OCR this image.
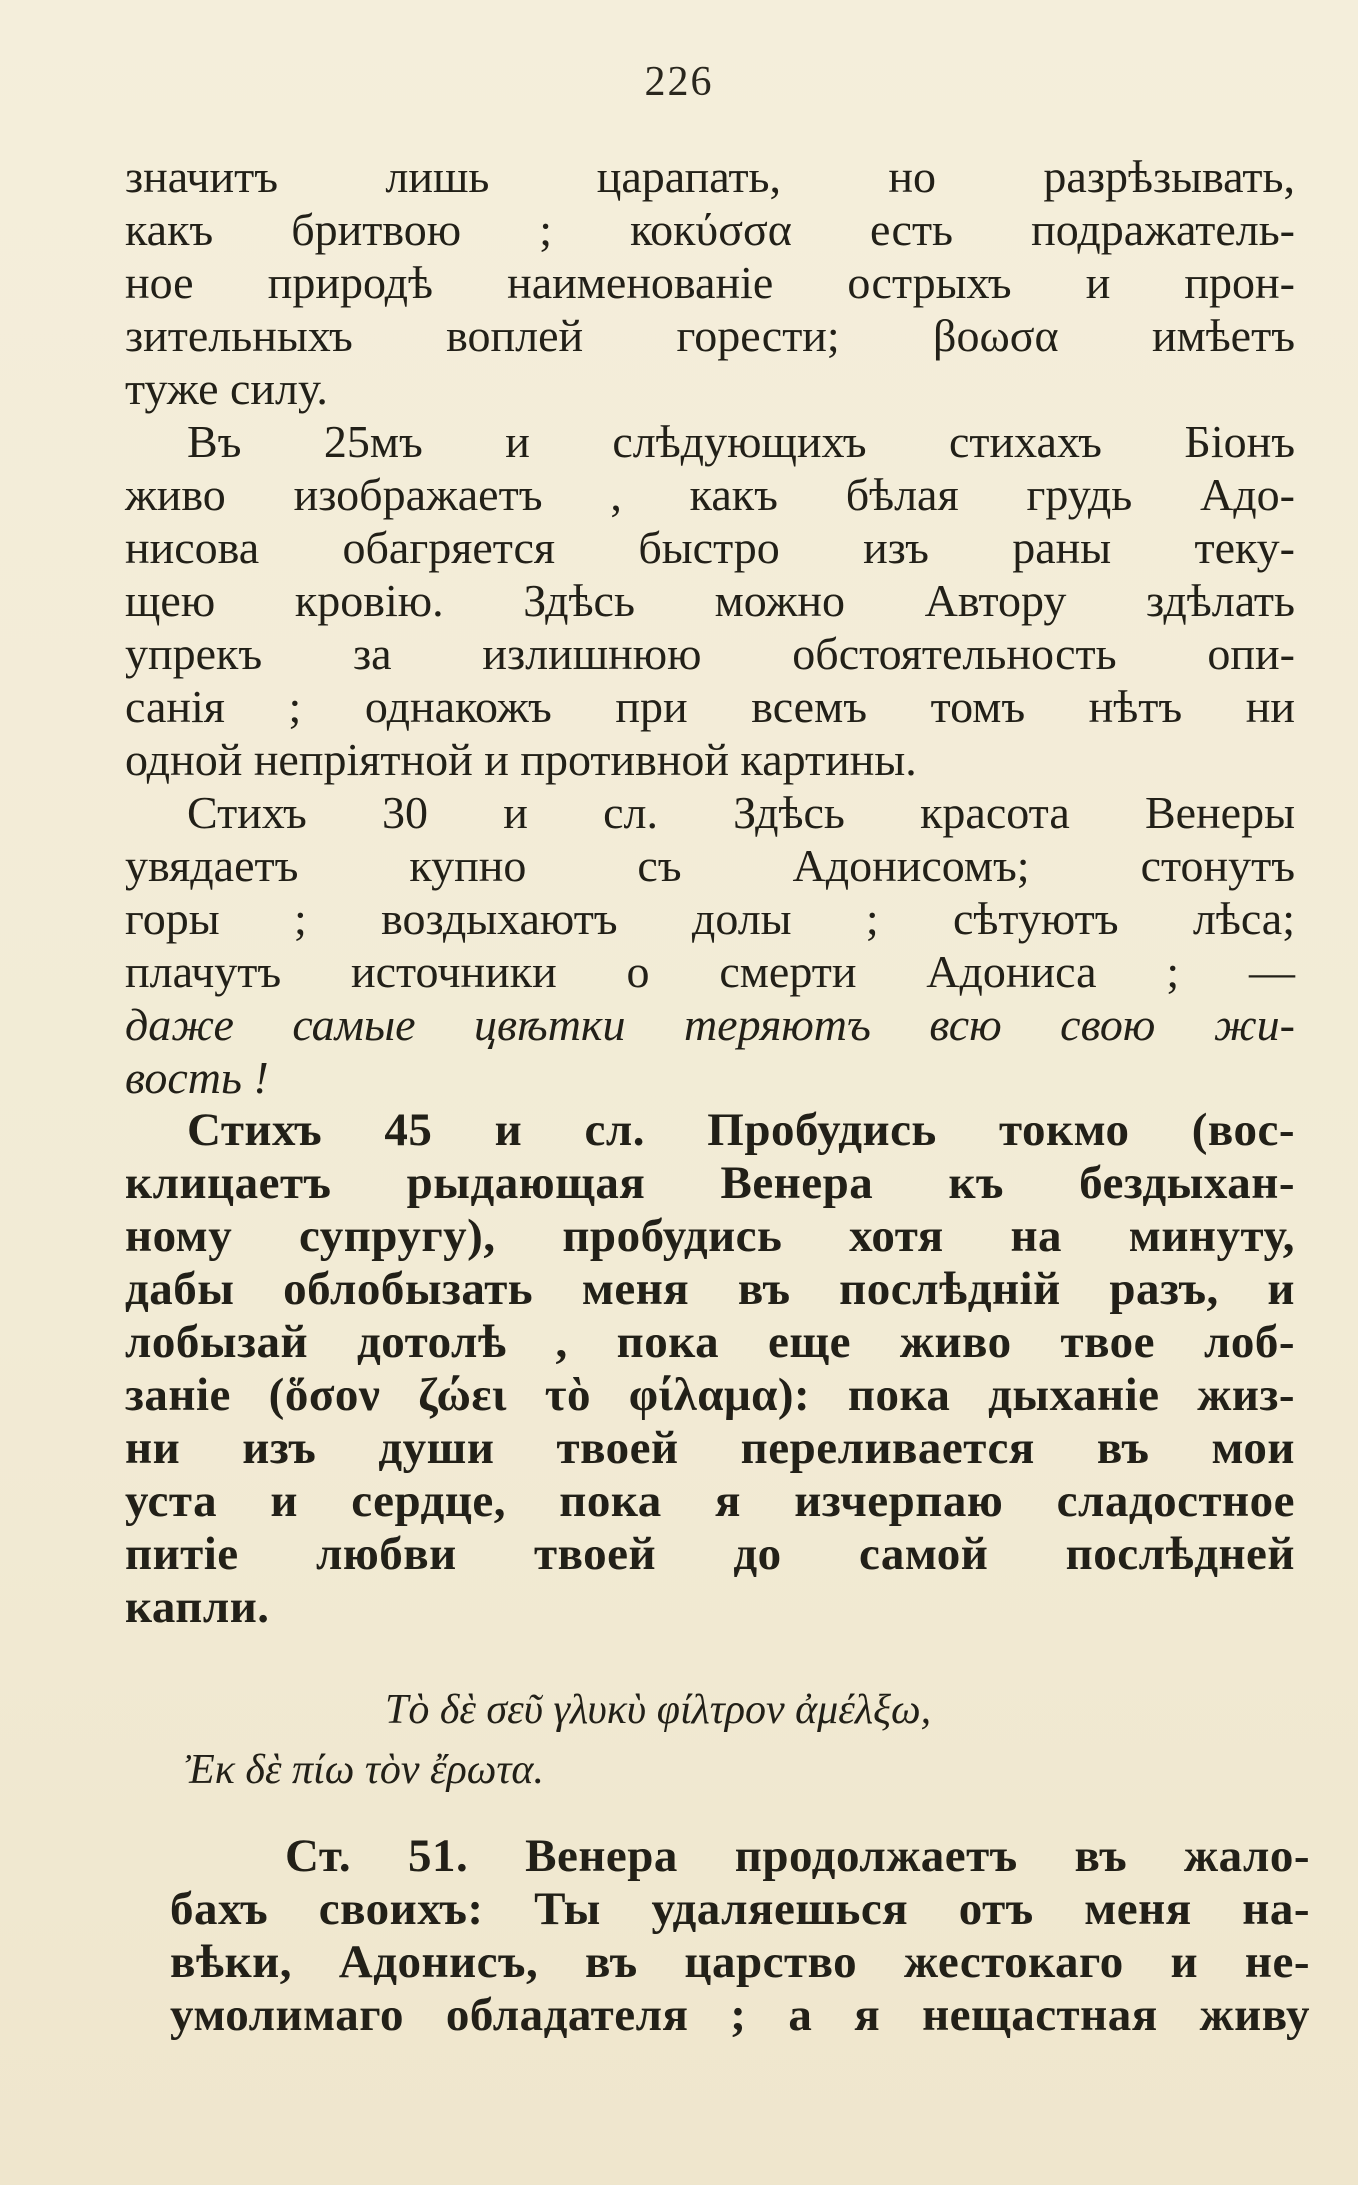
226
значитъ лишь царапать, но разрѣзывать,
какъ бритвою ; кокύσσα есть подражатель-
ное природѣ наименованіе острыхъ и прон-
зительныхъ воплей горести; βοωσα имѣетъ
туже силу.
Въ 25мъ и слѣдующихъ стихахъ Біонъ
живо изображаетъ , какъ бѣлая грудь Адо-
нисова обагряется быстро изъ раны теку-
щею кровію. Здѣсь можно Автору здѣлать
упрекъ за излишнюю обстоятельность опи-
санія ; однакожъ при всемъ томъ нѣтъ ни
одной непріятной и противной картины.
Стихъ 30 и сл. Здѣсь красота Венеры
увядаетъ купно съ Адонисомъ; стонутъ
горы ; воздыхаютъ долы ; сѣтуютъ лѣса;
плачутъ источники о смерти Адониса ; —
даже самые цвѣтки теряютъ всю свою жи-
вость !
Стихъ 45 и сл. Пробудись токмо (вос-
клицаетъ рыдающая Венера къ бездыхан-
ному супругу), пробудись хотя на минуту,
дабы облобызать меня въ послѣдній разъ, и
лобызай дотолѣ , пока еще живо твое лоб-
заніе (ὅσον ζώει τὸ φίλαμα): пока дыханіе жиз-
ни изъ души твоей переливается въ мои
уста и сердце, пока я изчерпаю сладостное
питіе любви твоей до самой послѣдней
капли.
Τὸ δὲ σεῦ γλυκὺ φίλτρον ἀμέλξω,
Ἐκ δὲ πίω τὸν ἔρωτα.
Ст. 51. Венера продолжаетъ въ жало-
бахъ своихъ: Ты удаляешься отъ меня на-
вѣки, Адонисъ, въ царство жестокаго и не-
умолимаго обладателя ; а я нещастная живу
